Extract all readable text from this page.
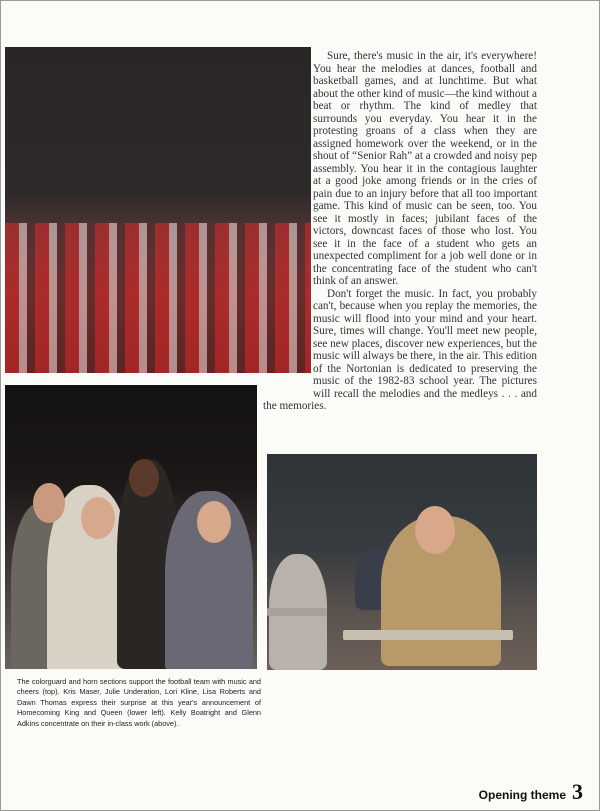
Sure, there's music in the air, it's everywhere! You hear the melodies at dances, football and basketball games, and at lunchtime. But what about the other kind of music—the kind without a beat or rhythm. The kind of medley that surrounds you everyday. You hear it in the protesting groans of a class when they are assigned homework over the weekend, or in the shout of “Senior Rah” at a crowded and noisy pep assembly. You hear it in the contagious laughter at a good joke among friends or in the cries of pain due to an injury before that all too important game. This kind of music can be seen, too. You see it mostly in faces; jubilant faces of the victors, downcast faces of those who lost. You see it in the face of a student who gets an unexpected compliment for a job well done or in the concentrating face of the student who can't think of an answer.

Don't forget the music. In fact, you probably can't, because when you replay the memories, the music will flood into your mind and your heart. Sure, times will change. You'll meet new people, see new places, discover new experiences, but the music will always be there, in the air. This edition of the Nortonian is dedicated to preserving the music of the 1982-83 school year. The pictures will recall the melodies and the medleys . . . and the memories.

The colorguard and horn sections support the football team with music and cheers (top). Kris Maser, Julie Underation, Lori Kline, Lisa Roberts and Dawn Thomas express their surprise at this year's announcement of Homecoming King and Queen (lower left). Kelly Boatright and Glenn Adkins concentrate on their in-class work (above).

Opening theme 3
